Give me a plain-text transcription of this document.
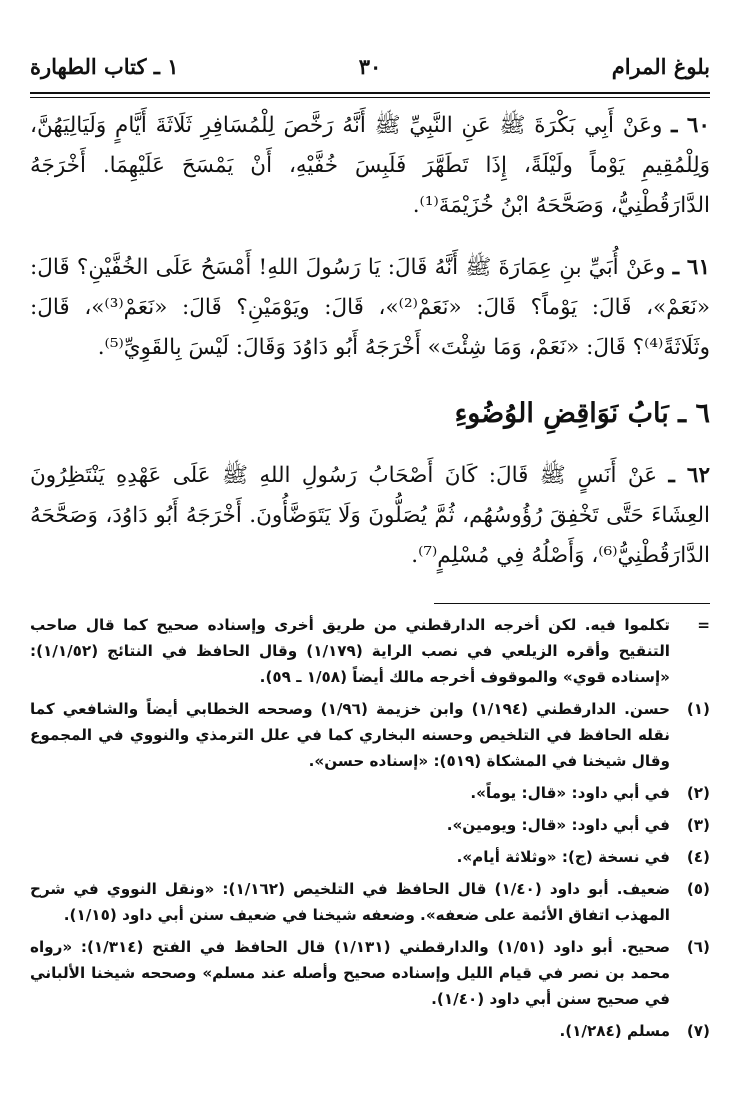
بلوغ المرام
٣٠
١ ـ كتاب الطهارة

٦٠ ـ وعَنْ أَبِي بَكْرَةَ ﷺ عَنِ النَّبِيِّ ﷺ أَنَّهُ رَخَّصَ لِلْمُسَافِرِ ثَلَاثَةَ أَيَّامٍ وَلَيَالِيَهُنَّ، وَلِلْمُقِيمِ يَوْماً ولَيْلَةً، إِذَا تَطَهَّرَ فَلَبِسَ خُفَّيْهِ، أَنْ يَمْسَحَ عَلَيْهِمَا. أَخْرَجَهُ الدَّارَقُطْنِيُّ، وَصَحَّحَهُ ابْنُ خُزَيْمَةَ⁽¹⁾.

٦١ ـ وعَنْ أُبَيِّ بنِ عِمَارَةَ ﷺ أَنَّهُ قَالَ: يَا رَسُولَ اللهِ! أَمْسَحُ عَلَى الخُفَّيْنِ؟ قَالَ: «نَعَمْ»، قَالَ: يَوْماً؟ قَالَ: «نَعَمْ⁽²⁾»، قَالَ: ويَوْمَيْنِ؟ قَالَ: «نَعَمْ⁽³⁾»، قَالَ: وثَلَاثَةً⁽⁴⁾؟ قَالَ: «نَعَمْ، وَمَا شِئْتَ» أَخْرَجَهُ أَبُو دَاوُدَ وَقَالَ: لَيْسَ بِالقَوِيِّ⁽⁵⁾.

٦ ـ بَابُ نَوَاقِضِ الوُضُوءِ

٦٢ ـ عَنْ أَنَسٍ ﷺ قَالَ: كَانَ أَصْحَابُ رَسُولِ اللهِ ﷺ عَلَى عَهْدِهِ يَنْتَظِرُونَ العِشَاءَ حَتَّى تَخْفِقَ رُؤُوسُهُم، ثُمَّ يُصَلُّونَ وَلَا يَتَوَضَّأُونَ. أَخْرَجَهُ أَبُو دَاوُدَ، وَصَحَّحَهُ الدَّارَقُطْنِيُّ⁽⁶⁾، وَأَصْلُهُ فِي مُسْلِمٍ⁽⁷⁾.

=
تكلموا فيه. لكن أخرجه الدارقطني من طريق أخرى وإسناده صحيح كما قال صاحب التنقيح وأقره الزيلعي في نصب الراية (١/١٧٩) وقال الحافظ في النتائج (١/١/٥٢): «إسناده قوي» والموقوف أخرجه مالك أيضاً (١/٥٨ ـ ٥٩).
(١)
حسن. الدارقطني (١/١٩٤) وابن خزيمة (١/٩٦) وصححه الخطابي أيضاً والشافعي كما نقله الحافظ في التلخيص وحسنه البخاري كما في علل الترمذي والنووي في المجموع وقال شيخنا في المشكاة (٥١٩): «إسناده حسن».
(٢)
في أبي داود: «قال: يوماً».
(٣)
في أبي داود: «قال: ويومين».
(٤)
في نسخة (ج): «وثلاثة أيام».
(٥)
ضعيف. أبو داود (١/٤٠) قال الحافظ في التلخيص (١/١٦٢): «ونقل النووي في شرح المهذب اتفاق الأئمة على ضعفه». وضعفه شيخنا في ضعيف سنن أبي داود (١/١٥).
(٦)
صحيح. أبو داود (١/٥١) والدارقطني (١/١٣١) قال الحافظ في الفتح (١/٣١٤): «رواه محمد بن نصر في قيام الليل وإسناده صحيح وأصله عند مسلم» وصححه شيخنا الألباني في صحيح سنن أبي داود (١/٤٠).
(٧)
مسلم (١/٢٨٤).
